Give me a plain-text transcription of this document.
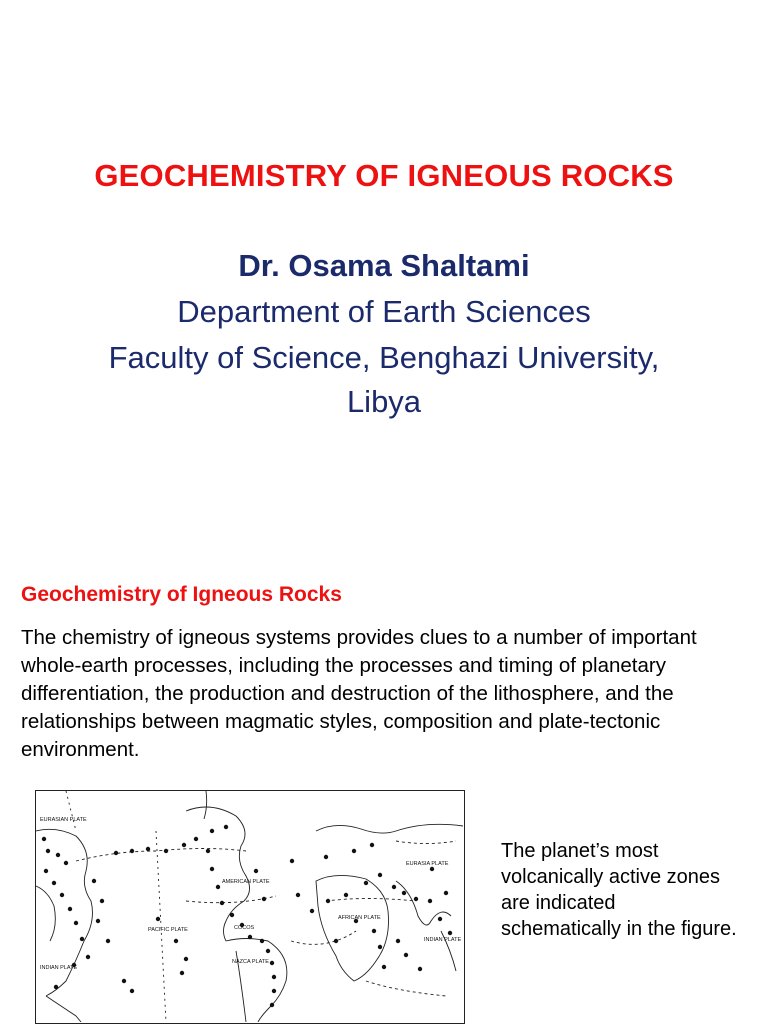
GEOCHEMISTRY OF IGNEOUS ROCKS
Dr. Osama Shaltami
Department of Earth Sciences
Faculty of Science, Benghazi University,
Libya
Geochemistry of Igneous Rocks
The chemistry of igneous systems provides clues to a number of important whole-earth processes, including the processes and timing of planetary differentiation, the production and destruction of the lithosphere, and the relationships between magmatic styles, composition and plate-tectonic environment.
EURASIAN PLATE
AMERICAN PLATE
EURASIA PLATE
PACIFIC PLATE	COCOS
NAZCA PLATE
AFRICAN PLATE
INDIAN PLATE
INDIAN PLATE
The planet’s most volcanically active zones are indicated schematically in the figure.
